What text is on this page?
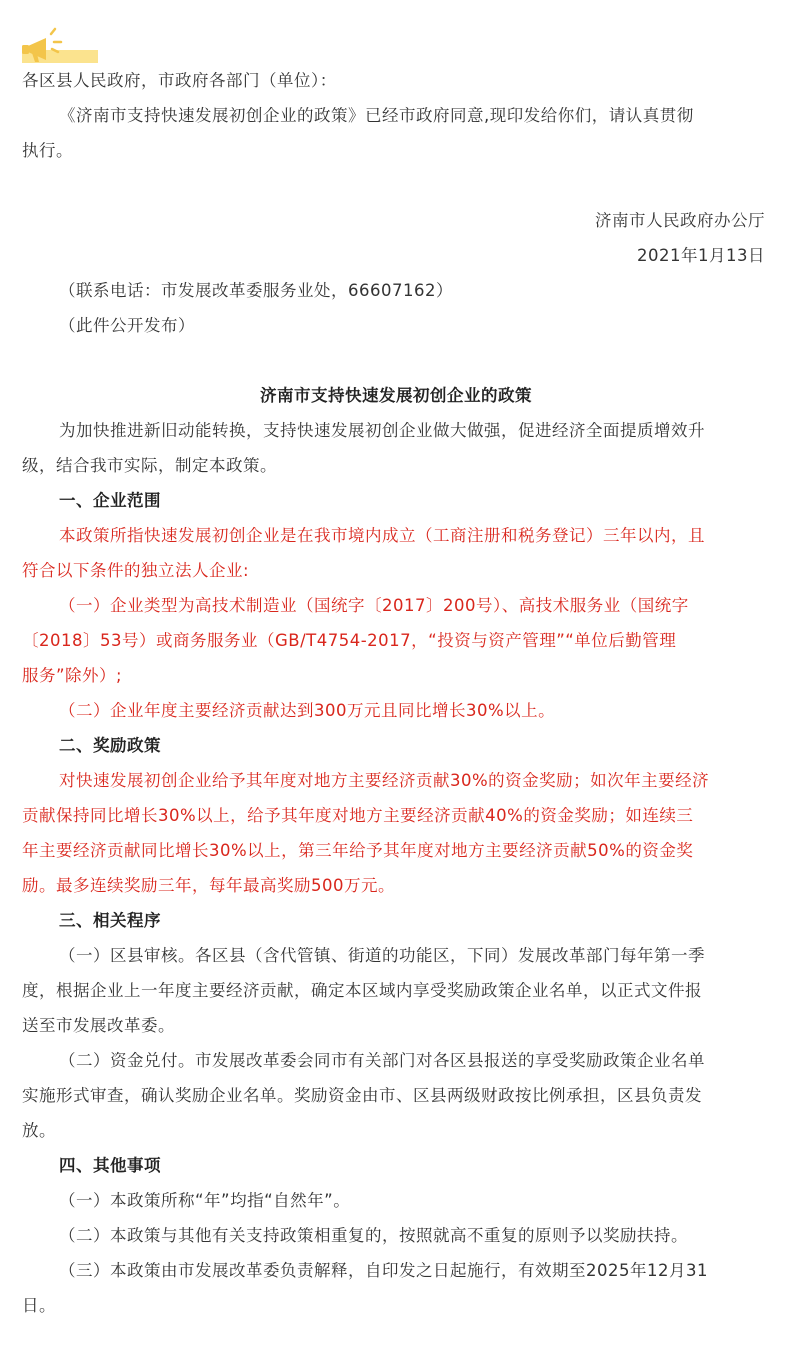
各区县人民政府，市政府各部门（单位）：
《济南市支持快速发展初创企业的政策》已经市政府同意,现印发给你们，请认真贯彻
执行。
济南市人民政府办公厅
2021年1月13日
（联系电话：市发展改革委服务业处，66607162）
（此件公开发布）
济南市支持快速发展初创企业的政策
为加快推进新旧动能转换，支持快速发展初创企业做大做强，促进经济全面提质增效升
级，结合我市实际，制定本政策。
一、企业范围
本政策所指快速发展初创企业是在我市境内成立（工商注册和税务登记）三年以内，且
符合以下条件的独立法人企业:
（一）企业类型为高技术制造业（国统字〔2017〕200号）、高技术服务业（国统字
〔2018〕53号）或商务服务业（GB/T4754-2017，“投资与资产管理”“单位后勤管理
服务”除外）;
（二）企业年度主要经济贡献达到300万元且同比增长30%以上。
二、奖励政策
对快速发展初创企业给予其年度对地方主要经济贡献30%的资金奖励；如次年主要经济
贡献保持同比增长30%以上，给予其年度对地方主要经济贡献40%的资金奖励；如连续三
年主要经济贡献同比增长30%以上，第三年给予其年度对地方主要经济贡献50%的资金奖
励。最多连续奖励三年，每年最高奖励500万元。
三、相关程序
（一）区县审核。各区县（含代管镇、街道的功能区，下同）发展改革部门每年第一季
度，根据企业上一年度主要经济贡献，确定本区域内享受奖励政策企业名单，以正式文件报
送至市发展改革委。
（二）资金兑付。市发展改革委会同市有关部门对各区县报送的享受奖励政策企业名单
实施形式审查，确认奖励企业名单。奖励资金由市、区县两级财政按比例承担，区县负责发
放。
四、其他事项
（一）本政策所称“年”均指“自然年”。
（二）本政策与其他有关支持政策相重复的，按照就高不重复的原则予以奖励扶持。
（三）本政策由市发展改革委负责解释，自印发之日起施行，有效期至2025年12月31
日。
